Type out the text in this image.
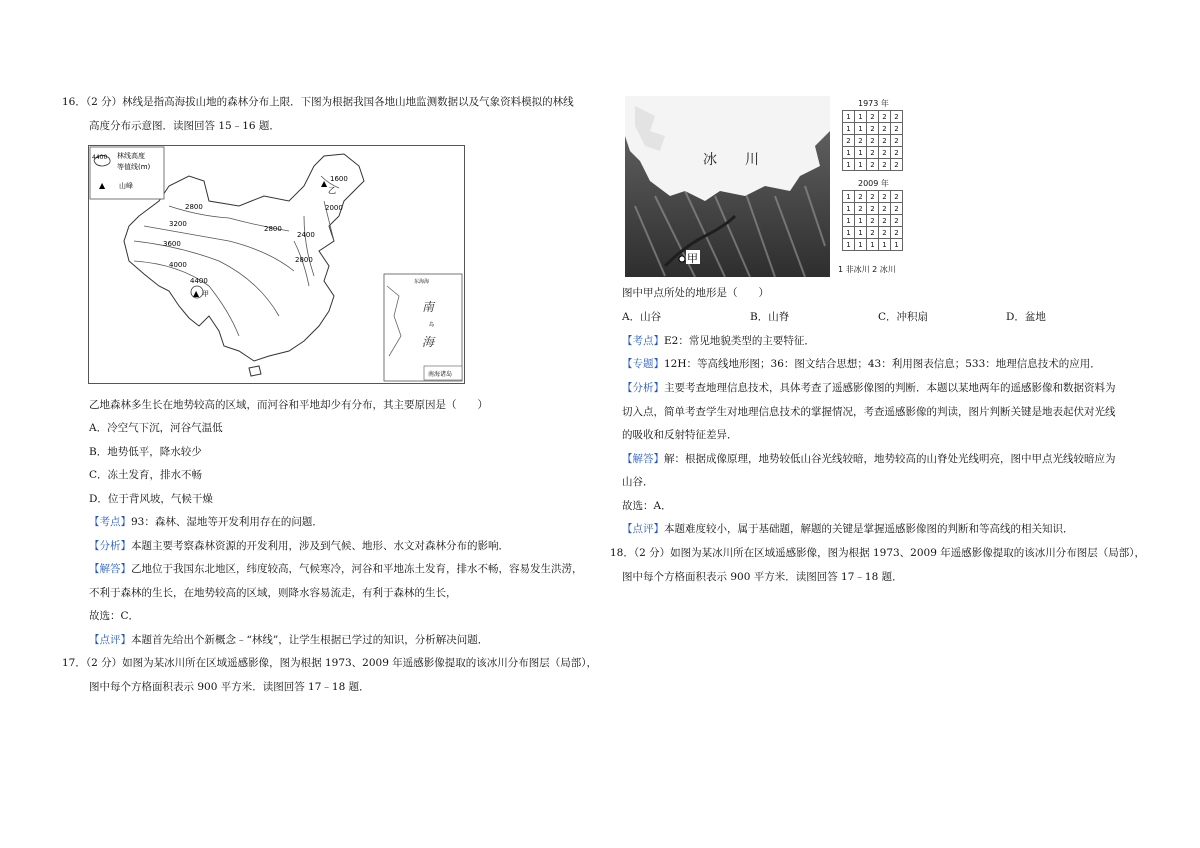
16．（2 分）林线是指高海拔山地的森林分布上限．下图为根据我国各地山地监测数据以及气象资料模拟的林线

高度分布示意图．读图回答 15﹣16 题．

乙地森林多生长在地势较高的区域，而河谷和平地却少有分布，其主要原因是（　　）

A．冷空气下沉，河谷气温低

B．地势低平，降水较少

C．冻土发育，排水不畅

D．位于背风坡，气候干燥

【考点】93：森林、湿地等开发利用存在的问题．

【分析】本题主要考察森林资源的开发利用，涉及到气候、地形、水文对森林分布的影响．

【解答】乙地位于我国东北地区，纬度较高，气候寒冷，河谷和平地冻土发育，排水不畅，容易发生洪涝，

不利于森林的生长，在地势较高的区域，则降水容易流走，有利于森林的生长，

故选：C．

【点评】本题首先给出个新概念﹣“林线”，让学生根据已学过的知识，分析解决问题．

17．（2 分）如图为某冰川所在区域遥感影像，图为根据 1973、2009 年遥感影像提取的该冰川分布图层（局部），

图中每个方格面积表示 900 平方米．读图回答 17﹣18 题．

1600
2000
2400
2800
2800
2800
3200
3600
4000
4400
▲
乙
▲ 甲
4400 林线高度
等值线(m)
▲ 山峰
东海海
南
海
岛
南海诸岛
冰 川
甲
1973 年
1	1	2	2	2
1	1	2	2	2
2	2	2	2	2
1	1	2	2	2
1	1	2	2	2
2009 年
1	2	2	2	2
1	2	2	2	2
1	1	2	2	2
1	1	2	2	2
1	1	1	1	1
1 非冰川 2 冰川

图中甲点所处的地形是（　　）

A．山谷	B．山脊	C．冲积扇	D．盆地

【考点】E2：常见地貌类型的主要特征．

【专题】12H：等高线地形图；36：图文结合思想；43：利用图表信息；533：地理信息技术的应用．

【分析】主要考查地理信息技术，具体考查了遥感影像图的判断．本题以某地两年的遥感影像和数据资料为

切入点，简单考查学生对地理信息技术的掌握情况，考查遥感影像的判读，图片判断关键是地表起伏对光线

的吸收和反射特征差异．

【解答】解：根据成像原理，地势较低山谷光线较暗，地势较高的山脊处光线明亮，图中甲点光线较暗应为

山谷．

故选：A．

【点评】本题难度较小，属于基础题，解题的关键是掌握遥感影像图的判断和等高线的相关知识．

18．（2 分）如图为某冰川所在区域遥感影像，图为根据 1973、2009 年遥感影像提取的该冰川分布图层（局部），

图中每个方格面积表示 900 平方米．读图回答 17﹣18 题．
